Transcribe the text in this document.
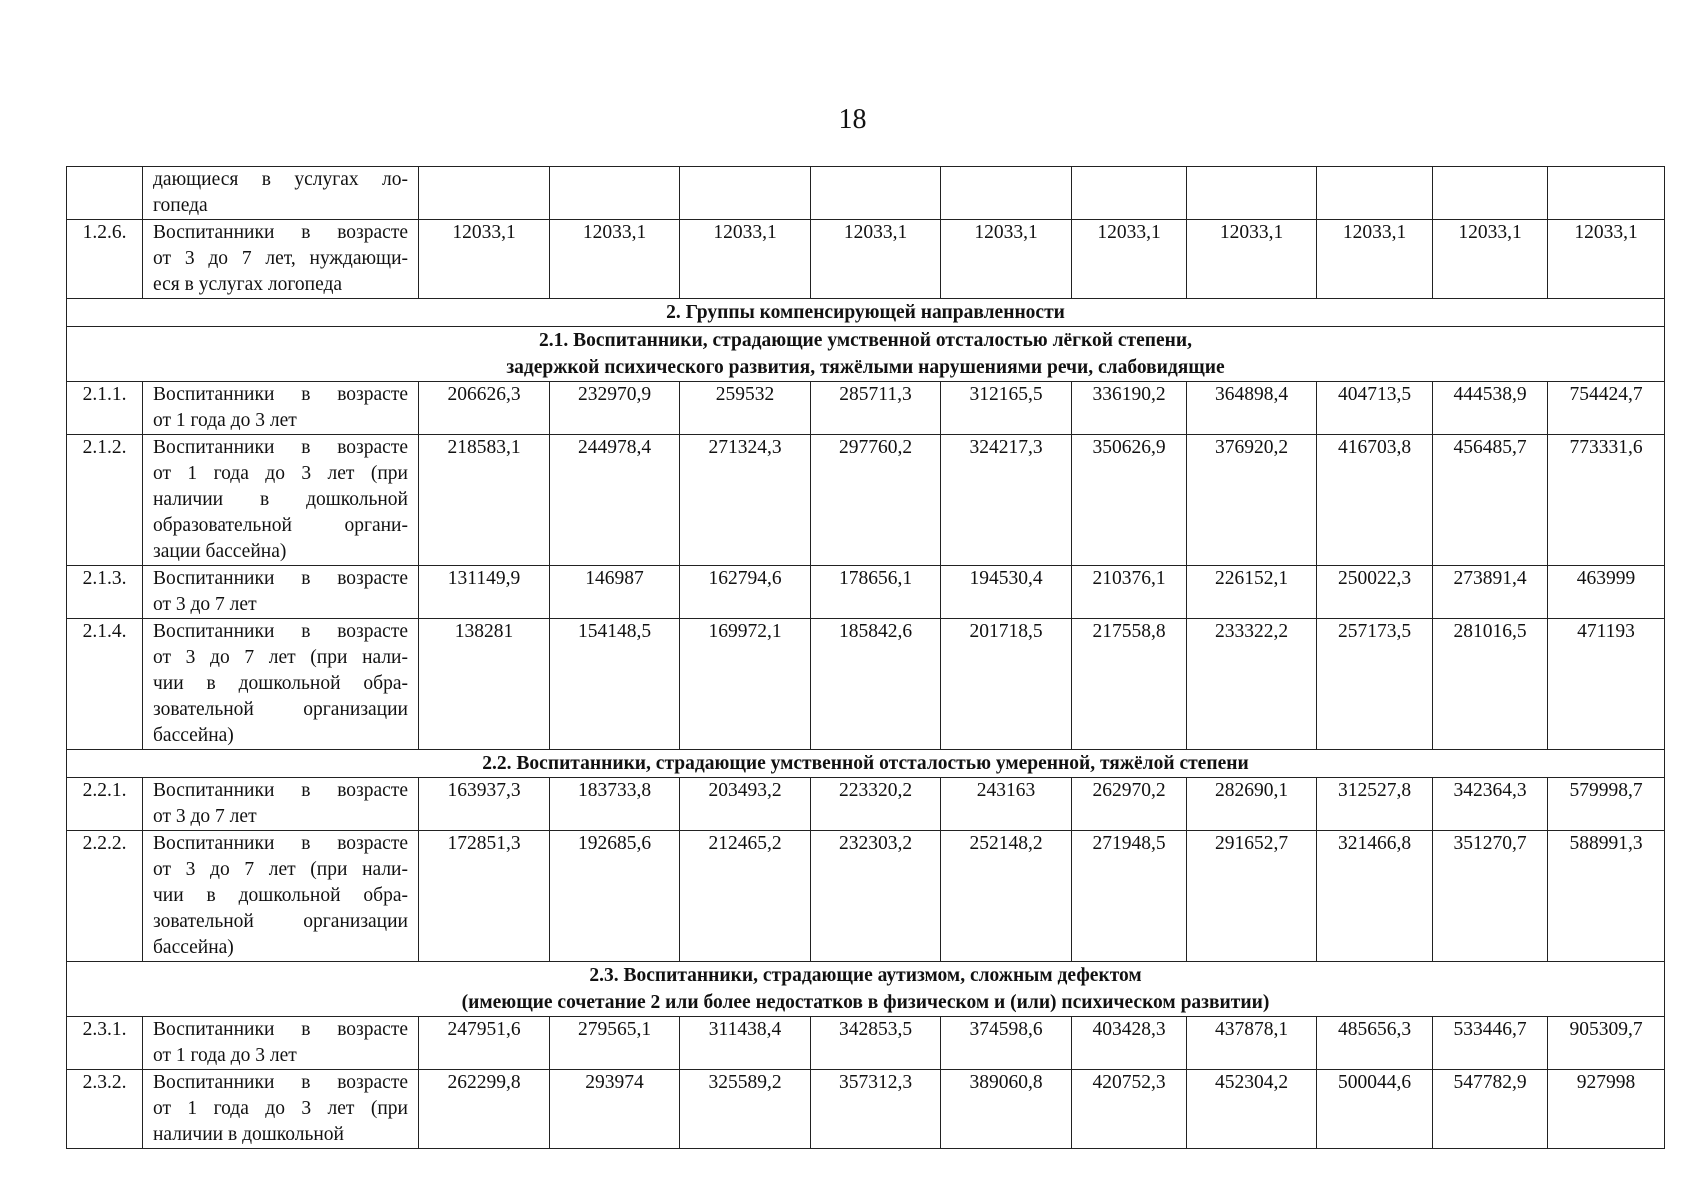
18

	дающиеся в услугах ло-
гопеда										

1.2.6.	Воспитанники в возрасте
от 3 до 7 лет, нуждающи-
еся в услугах логопеда	12033,1	12033,1	12033,1	12033,1	12033,1	12033,1	12033,1	12033,1	12033,1	12033,1
2. Группы компенсирующей направленности											

2.1. Воспитанники, страдающие умственной отсталостью лёгкой степени,
задержкой психического развития, тяжёлыми нарушениями речи, слабовидящие											

2.1.1.	Воспитанники в возрасте
от 1 года до 3 лет	206626,3	232970,9	259532	285711,3	312165,5	336190,2	364898,4	404713,5	444538,9	754424,7
2.1.2.	Воспитанники в возрасте
от 1 года до 3 лет (при
наличии в дошкольной
образовательной органи-
зации бассейна)	218583,1	244978,4	271324,3	297760,2	324217,3	350626,9	376920,2	416703,8	456485,7	773331,6
2.1.3.	Воспитанники в возрасте
от 3 до 7 лет	131149,9	146987	162794,6	178656,1	194530,4	210376,1	226152,1	250022,3	273891,4	463999
2.1.4.	Воспитанники в возрасте
от 3 до 7 лет (при нали-
чии в дошкольной обра-
зовательной организации
бассейна)	138281	154148,5	169972,1	185842,6	201718,5	217558,8	233322,2	257173,5	281016,5	471193
2.2. Воспитанники, страдающие умственной отсталостью умеренной, тяжёлой степени											
2.2.1.	Воспитанники в возрасте
от 3 до 7 лет	163937,3	183733,8	203493,2	223320,2	243163	262970,2	282690,1	312527,8	342364,3	579998,7
2.2.2.	Воспитанники в возрасте
от 3 до 7 лет (при нали-
чии в дошкольной обра-
зовательной организации
бассейна)	172851,3	192685,6	212465,2	232303,2	252148,2	271948,5	291652,7	321466,8	351270,7	588991,3

2.3. Воспитанники, страдающие аутизмом, сложным дефектом
(имеющие сочетание 2 или более недостатков в физическом и (или) психическом развитии)											

2.3.1.	Воспитанники в возрасте
от 1 года до 3 лет	247951,6	279565,1	311438,4	342853,5	374598,6	403428,3	437878,1	485656,3	533446,7	905309,7
2.3.2.	Воспитанники в возрасте
от 1 года до 3 лет (при
наличии в дошкольной	262299,8	293974	325589,2	357312,3	389060,8	420752,3	452304,2	500044,6	547782,9	927998
